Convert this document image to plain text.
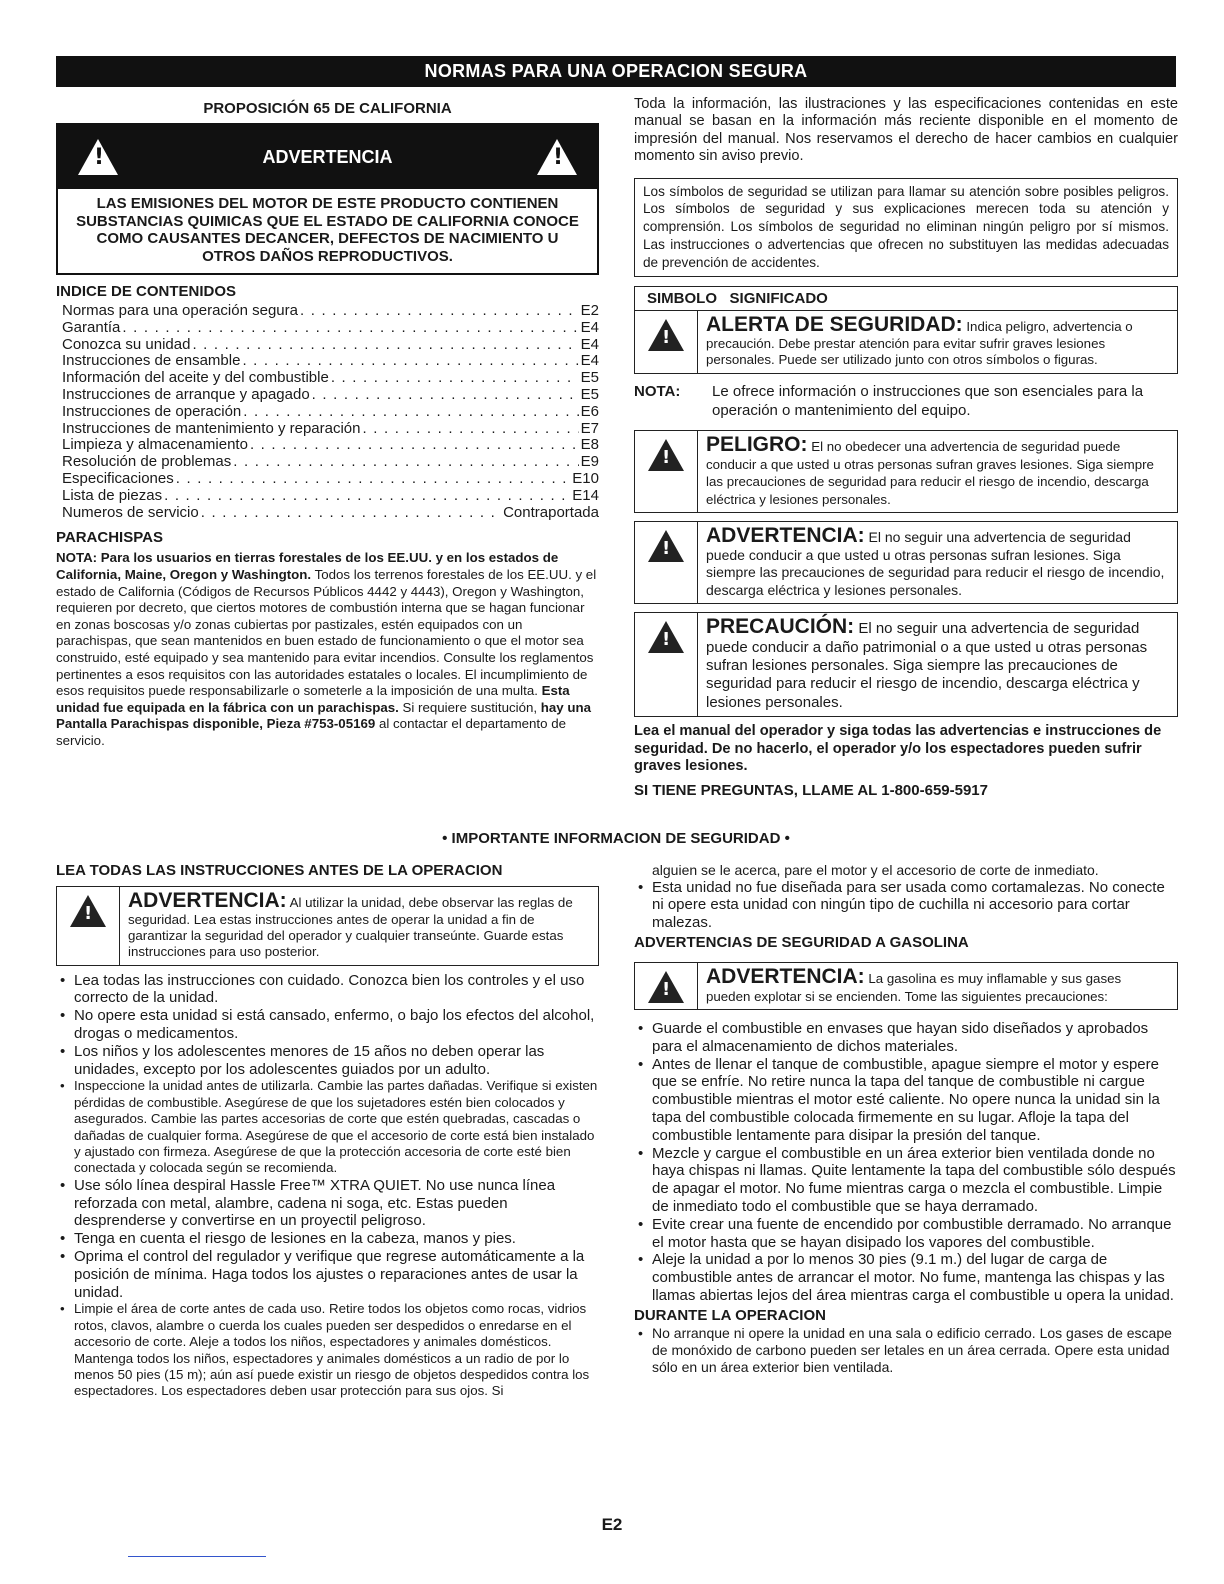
NORMAS PARA UNA OPERACION SEGURA
PROPOSICIÓN 65 DE CALIFORNIA
!
ADVERTENCIA
!
LAS EMISIONES DEL MOTOR DE ESTE PRODUCTO CONTIENEN SUBSTANCIAS QUIMICAS QUE EL ESTADO DE CALIFORNIA CONOCE COMO CAUSANTES DECANCER, DEFECTOS DE NACIMIENTO U OTROS DAÑOS REPRODUCTIVOS.
INDICE DE CONTENIDOS
Normas para una operación segura . . .	E2
Garantía . . .	E4
Conozca su unidad . . .	E4
Instrucciones de ensamble . . .	E4
Información del aceite y del combustible . . .	E5
Instrucciones de arranque y apagado . . .	E5
Instrucciones de operación . . .	E6
Instrucciones de mantenimiento y reparación . . .	E7
Limpieza y almacenamiento . . .	E8
Resolución de problemas . . .	E9
Especificaciones . . .	E10
Lista de piezas . . .	E14
Numeros de servicio . . .	Contraportada
PARACHISPAS
NOTA: Para los usuarios en tierras forestales de los EE.UU. y en los estados de California, Maine, Oregon y Washington. Todos los terrenos forestales de los EE.UU. y el estado de California (Códigos de Recursos Públicos 4442 y 4443), Oregon y Washington, requieren por decreto, que ciertos motores de combustión interna que se hagan funcionar en zonas boscosas y/o zonas cubiertas por pastizales, estén equipados con un parachispas, que sean mantenidos en buen estado de funcionamiento o que el motor sea construido, esté equipado y sea mantenido para evitar incendios. Consulte los reglamentos pertinentes a esos requisitos con las autoridades estatales o locales. El incumplimiento de esos requisitos puede responsabilizarle o someterle a la imposición de una multa. Esta unidad fue equipada en la fábrica con un parachispas. Si requiere sustitución, hay una Pantalla Parachispas disponible, Pieza #753-05169 al contactar el departamento de servicio.
Toda la información, las ilustraciones y las especificaciones contenidas en este manual se basan en la información más reciente disponible en el momento de impresión del manual. Nos reservamos el derecho de hacer cambios en cualquier momento sin aviso previo.
Los símbolos de seguridad se utilizan para llamar su atención sobre posibles peligros. Los símbolos de seguridad y sus explicaciones merecen toda su atención y comprensión. Los símbolos de seguridad no eliminan ningún peligro por sí mismos. Las instrucciones o advertencias que ofrecen no substituyen las medidas adecuadas de prevención de accidentes.
SIMBOLO SIGNIFICADO
!
ALERTA DE SEGURIDAD: Indica peligro, advertencia o precaución. Debe prestar atención para evitar sufrir graves lesiones personales. Puede ser utilizado junto con otros símbolos o figuras.
NOTA:	Le ofrece información o instrucciones que son esenciales para la operación o mantenimiento del equipo.
!
PELIGRO: El no obedecer una advertencia de seguridad puede conducir a que usted u otras personas sufran graves lesiones. Siga siempre las precauciones de seguridad para reducir el riesgo de incendio, descarga eléctrica y lesiones personales.
!
ADVERTENCIA: El no seguir una advertencia de seguridad puede conducir a que usted u otras personas sufran lesiones. Siga siempre las precauciones de seguridad para reducir el riesgo de incendio, descarga eléctrica y lesiones personales.
!
PRECAUCIÓN: El no seguir una advertencia de seguridad puede conducir a daño patrimonial o a que usted u otras personas sufran lesiones personales. Siga siempre las precauciones de seguridad para reducir el riesgo de incendio, descarga eléctrica y lesiones personales.
Lea el manual del operador y siga todas las advertencias e instrucciones de seguridad. De no hacerlo, el operador y/o los espectadores pueden sufrir graves lesiones.
SI TIENE PREGUNTAS, LLAME AL 1-800-659-5917
• IMPORTANTE INFORMACION DE SEGURIDAD •
LEA TODAS LAS INSTRUCCIONES ANTES DE LA OPERACION
!
ADVERTENCIA: Al utilizar la unidad, debe observar las reglas de seguridad. Lea estas instrucciones antes de operar la unidad a fin de garantizar la seguridad del operador y cualquier transeúnte. Guarde estas instrucciones para uso posterior.
• Lea todas las instrucciones con cuidado. Conozca bien los controles y el uso correcto de la unidad.
• No opere esta unidad si está cansado, enfermo, o bajo los efectos del alcohol, drogas o medicamentos.
• Los niños y los adolescentes menores de 15 años no deben operar las unidades, excepto por los adolescentes guiados por un adulto.
• Inspeccione la unidad antes de utilizarla. Cambie las partes dañadas. Verifique si existen pérdidas de combustible. Asegúrese de que los sujetadores estén bien colocados y asegurados. Cambie las partes accesorias de corte que estén quebradas, cascadas o dañadas de cualquier forma. Asegúrese de que el accesorio de corte está bien instalado y ajustado con firmeza. Asegúrese de que la protección accesoria de corte esté bien conectada y colocada según se recomienda.
• Use sólo línea despiral Hassle Free™ XTRA QUIET. No use nunca línea reforzada con metal, alambre, cadena ni soga, etc. Estas pueden desprenderse y convertirse en un proyectil peligroso.
• Tenga en cuenta el riesgo de lesiones en la cabeza, manos y pies.
• Oprima el control del regulador y verifique que regrese automáticamente a la posición de mínima. Haga todos los ajustes o reparaciones antes de usar la unidad.
• Limpie el área de corte antes de cada uso. Retire todos los objetos como rocas, vidrios rotos, clavos, alambre o cuerda los cuales pueden ser despedidos o enredarse en el accesorio de corte. Aleje a todos los niños, espectadores y animales domésticos. Mantenga todos los niños, espectadores y animales domésticos a un radio de por lo menos 50 pies (15 m); aún así puede existir un riesgo de objetos despedidos contra los espectadores. Los espectadores deben usar protección para sus ojos. Si
alguien se le acerca, pare el motor y el accesorio de corte de inmediato.
• Esta unidad no fue diseñada para ser usada como cortamalezas. No conecte ni opere esta unidad con ningún tipo de cuchilla ni accesorio para cortar malezas.
ADVERTENCIAS DE SEGURIDAD A GASOLINA
!
ADVERTENCIA: La gasolina es muy inflamable y sus gases pueden explotar si se encienden. Tome las siguientes precauciones:
• Guarde el combustible en envases que hayan sido diseñados y aprobados para el almacenamiento de dichos materiales.
• Antes de llenar el tanque de combustible, apague siempre el motor y espere que se enfríe. No retire nunca la tapa del tanque de combustible ni cargue combustible mientras el motor esté caliente. No opere nunca la unidad sin la tapa del combustible colocada firmemente en su lugar. Afloje la tapa del combustible lentamente para disipar la presión del tanque.
• Mezcle y cargue el combustible en un área exterior bien ventilada donde no haya chispas ni llamas. Quite lentamente la tapa del combustible sólo después de apagar el motor. No fume mientras carga o mezcla el combustible. Limpie de inmediato todo el combustible que se haya derramado.
• Evite crear una fuente de encendido por combustible derramado. No arranque el motor hasta que se hayan disipado los vapores del combustible.
• Aleje la unidad a por lo menos 30 pies (9.1 m.) del lugar de carga de combustible antes de arrancar el motor. No fume, mantenga las chispas y las llamas abiertas lejos del área mientras carga el combustible u opera la unidad.
DURANTE LA OPERACION
• No arranque ni opere la unidad en una sala o edificio cerrado. Los gases de escape de monóxido de carbono pueden ser letales en un área cerrada. Opere esta unidad sólo en un área exterior bien ventilada.
E2
